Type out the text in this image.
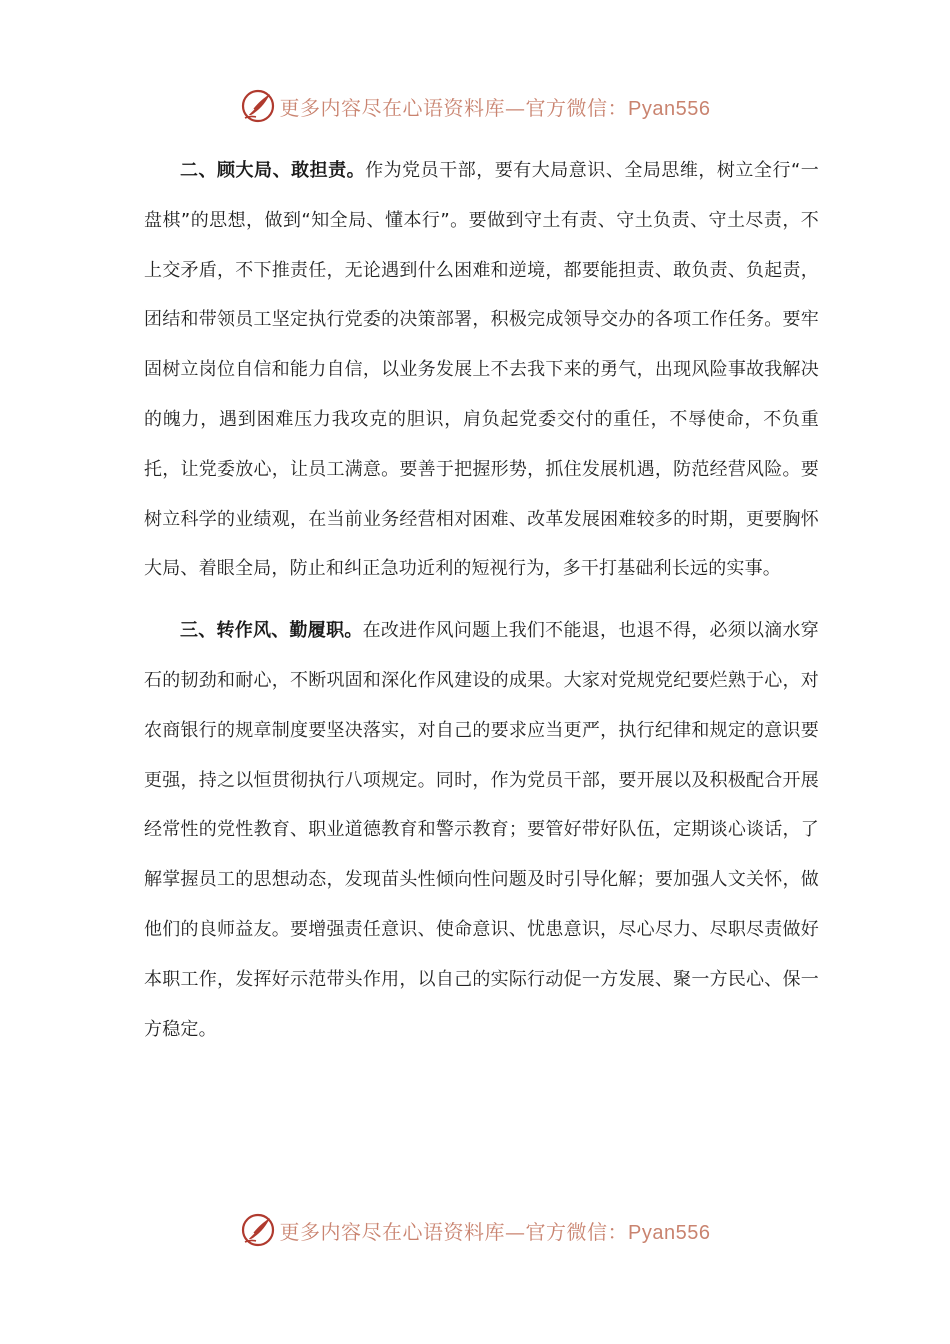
更多内容尽在心语资料库—官方微信：Pyan556

二、顾大局、敢担责。作为党员干部，要有大局意识、全局思维，树立全行“一盘棋”的思想，做到“知全局、懂本行”。要做到守土有责、守土负责、守土尽责，不上交矛盾，不下推责任，无论遇到什么困难和逆境，都要能担责、敢负责、负起责，团结和带领员工坚定执行党委的决策部署，积极完成领导交办的各项工作任务。要牢固树立岗位自信和能力自信，以业务发展上不去我下来的勇气，出现风险事故我解决的魄力，遇到困难压力我攻克的胆识，肩负起党委交付的重任，不辱使命，不负重托，让党委放心，让员工满意。要善于把握形势，抓住发展机遇，防范经营风险。要树立科学的业绩观，在当前业务经营相对困难、改革发展困难较多的时期，更要胸怀大局、着眼全局，防止和纠正急功近利的短视行为，多干打基础利长远的实事。

三、转作风、勤履职。在改进作风问题上我们不能退，也退不得，必须以滴水穿石的韧劲和耐心，不断巩固和深化作风建设的成果。大家对党规党纪要烂熟于心，对农商银行的规章制度要坚决落实，对自己的要求应当更严，执行纪律和规定的意识要更强，持之以恒贯彻执行八项规定。同时，作为党员干部，要开展以及积极配合开展经常性的党性教育、职业道德教育和警示教育；要管好带好队伍，定期谈心谈话，了解掌握员工的思想动态，发现苗头性倾向性问题及时引导化解；要加强人文关怀，做他们的良师益友。要增强责任意识、使命意识、忧患意识，尽心尽力、尽职尽责做好本职工作，发挥好示范带头作用，以自己的实际行动促一方发展、聚一方民心、保一方稳定。

更多内容尽在心语资料库—官方微信：Pyan556
